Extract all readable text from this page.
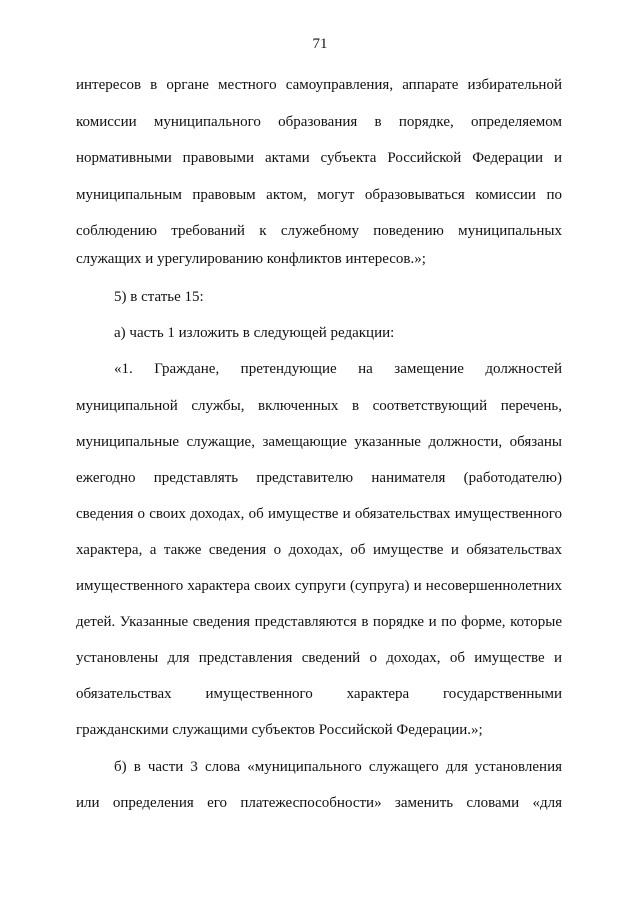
71
интересов в органе местного самоуправления, аппарате избирательной
комиссии муниципального образования в порядке, определяемом
нормативными правовыми актами субъекта Российской Федерации и
муниципальным правовым актом, могут образовываться комиссии по
соблюдению требований к служебному поведению муниципальных
служащих и урегулированию конфликтов интересов.»;
5) в статье 15:
а) часть 1 изложить в следующей редакции:
«1. Граждане, претендующие на замещение должностей
муниципальной службы, включенных в соответствующий перечень,
муниципальные служащие, замещающие указанные должности, обязаны
ежегодно представлять представителю нанимателя (работодателю)
сведения о своих доходах, об имуществе и обязательствах имущественного
характера, а также сведения о доходах, об имуществе и обязательствах
имущественного характера своих супруги (супруга) и несовершеннолетних
детей. Указанные сведения представляются в порядке и по форме, которые
установлены для представления сведений о доходах, об имуществе и
обязательствах имущественного характера государственными
гражданскими служащими субъектов Российской Федерации.»;
б) в части 3 слова «муниципального служащего для установления
или определения его платежеспособности» заменить словами «для
